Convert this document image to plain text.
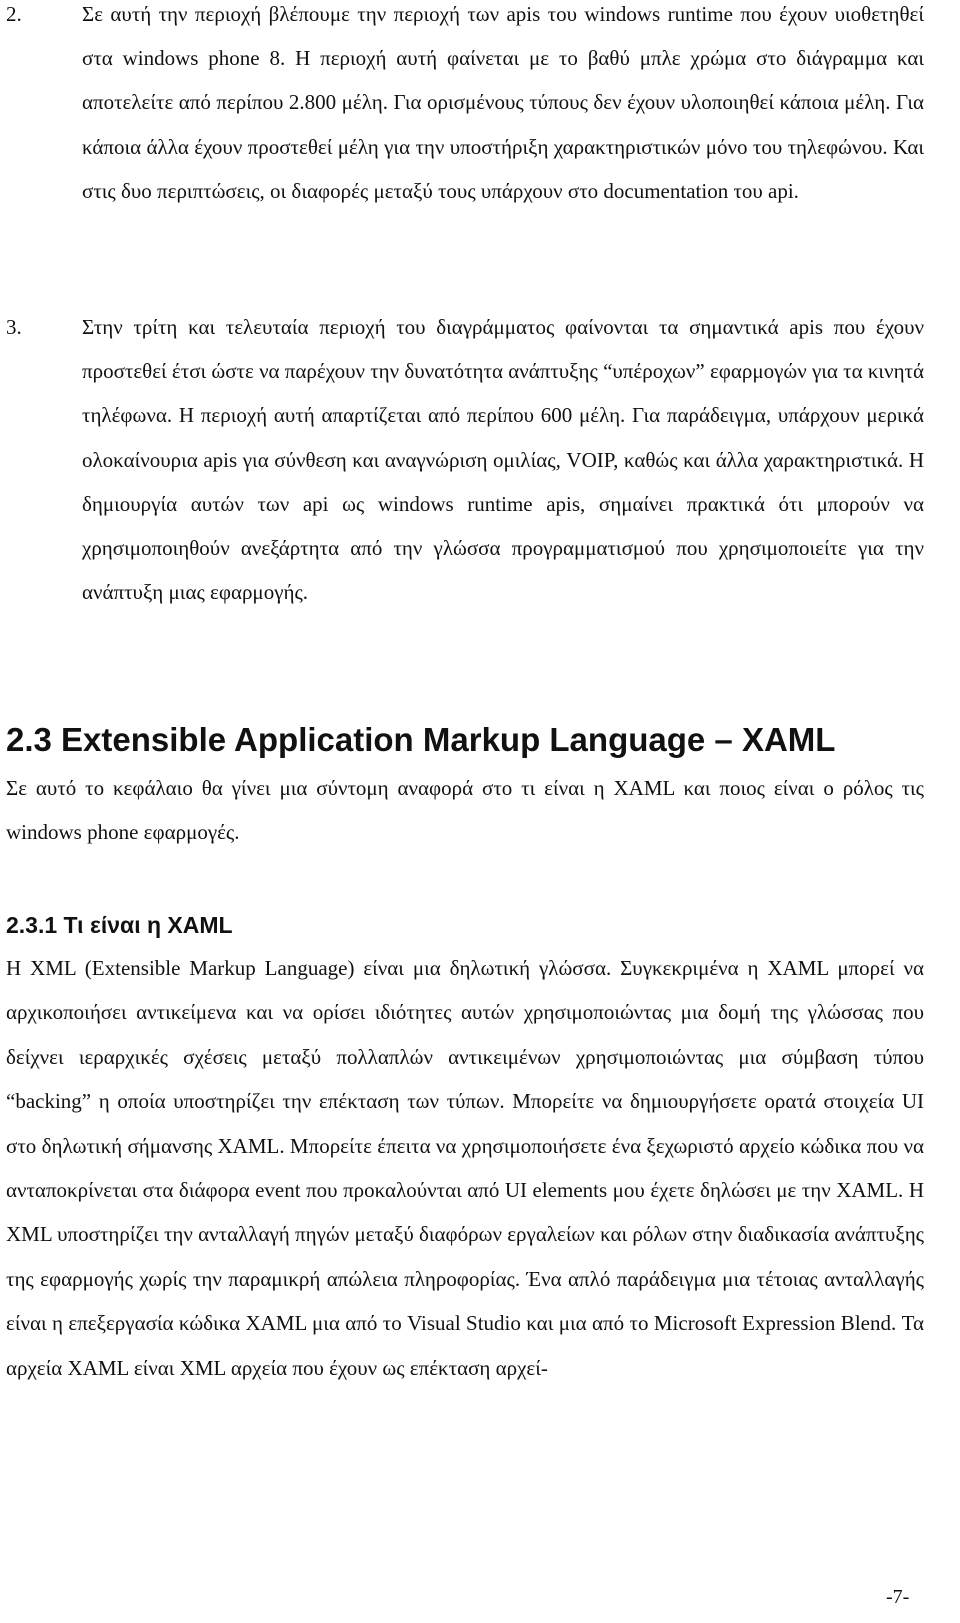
2.	Σε αυτή την περιοχή βλέπουμε την περιοχή των apis του windows runtime που έχουν υιοθετηθεί στα windows phone 8. Η περιοχή αυτή φαίνεται με το βαθύ μπλε χρώμα στο διάγραμμα και αποτελείτε από περίπου 2.800 μέλη. Για ορισμένους τύπους δεν έχουν υλοποιηθεί κάποια μέλη. Για κάποια άλλα έχουν προστεθεί μέλη για την υποστήριξη χαρακτηριστικών μόνο του τηλεφώνου. Και στις δυο περιπτώσεις, οι διαφορές μεταξύ τους υπάρχουν στο documentation του api.
3.	Στην τρίτη και τελευταία περιοχή του διαγράμματος φαίνονται τα σημαντικά apis που έχουν προστεθεί έτσι ώστε να παρέχουν την δυνατότητα ανάπτυξης “υπέροχων” εφαρμογών για τα κινητά τηλέφωνα. Η περιοχή αυτή απαρτίζεται από περίπου 600 μέλη. Για παράδειγμα, υπάρχουν μερικά ολοκαίνουρια apis για σύνθεση και αναγνώριση ομιλίας, VOIP, καθώς και άλλα χαρακτηριστικά. Η δημιουργία αυτών των api ως windows runtime apis, σημαίνει πρακτικά ότι μπορούν να χρησιμοποιηθούν ανεξάρτητα από την γλώσσα προγραμματισμού που χρησιμοποιείτε για την ανάπτυξη μιας εφαρμογής.
2.3 Extensible Application Markup Language – XAML

Σε αυτό το κεφάλαιο θα γίνει μια σύντομη αναφορά στο τι είναι η XAML και ποιος είναι ο ρόλος τις windows phone εφαρμογές.

2.3.1 Τι είναι η XAML

Η XML (Extensible Markup Language) είναι μια δηλωτική γλώσσα. Συγκεκριμένα η XAML μπορεί να αρχικοποιήσει αντικείμενα και να ορίσει ιδιότητες αυτών χρησιμοποιώντας μια δομή της γλώσσας που δείχνει ιεραρχικές σχέσεις μεταξύ πολλαπλών αντικειμένων χρησιμοποιώντας μια σύμβαση τύπου “backing” η οποία υποστηρίζει την επέκταση των τύπων. Μπορείτε να δημιουργήσετε ορατά στοιχεία UI στο δηλωτική σήμανσης XAML. Μπορείτε έπειτα να χρησιμοποιήσετε ένα ξεχωριστό αρχείο κώδικα που να ανταποκρίνεται στα διάφορα event που προκαλούνται από UI elements μου έχετε δηλώσει με την XAML. Η XML υποστηρίζει την ανταλλαγή πηγών μεταξύ διαφόρων εργαλείων και ρόλων στην διαδικασία ανάπτυξης της εφαρμογής χωρίς την παραμικρή απώλεια πληροφορίας. Ένα απλό παράδειγμα μια τέτοιας ανταλλαγής είναι η επεξεργασία κώδικα XAML μια από το Visual Studio και μια από το Microsoft Expression Blend. Τα αρχεία XAML είναι XML αρχεία που έχουν ως επέκταση αρχεί-

-7-
